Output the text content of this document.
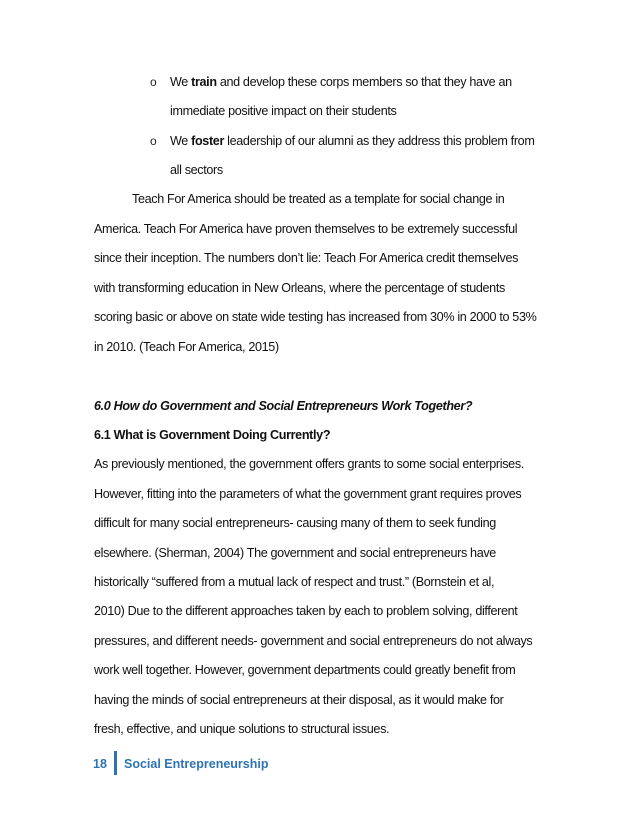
o We train and develop these corps members so that they have an
immediate positive impact on their students
o We foster leadership of our alumni as they address this problem from
all sectors
Teach For America should be treated as a template for social change in
America. Teach For America have proven themselves to be extremely successful
since their inception. The numbers don’t lie: Teach For America credit themselves
with transforming education in New Orleans, where the percentage of students
scoring basic or above on state wide testing has increased from 30% in 2000 to 53%
in 2010. (Teach For America, 2015)
6.0 How do Government and Social Entrepreneurs Work Together?
6.1 What is Government Doing Currently?
As previously mentioned, the government offers grants to some social enterprises.
However, fitting into the parameters of what the government grant requires proves
difficult for many social entrepreneurs- causing many of them to seek funding
elsewhere. (Sherman, 2004) The government and social entrepreneurs have
historically “suffered from a mutual lack of respect and trust.” (Bornstein et al,
2010) Due to the different approaches taken by each to problem solving, different
pressures, and different needs- government and social entrepreneurs do not always
work well together. However, government departments could greatly benefit from
having the minds of social entrepreneurs at their disposal, as it would make for
fresh, effective, and unique solutions to structural issues.
18 Social Entrepreneurship
